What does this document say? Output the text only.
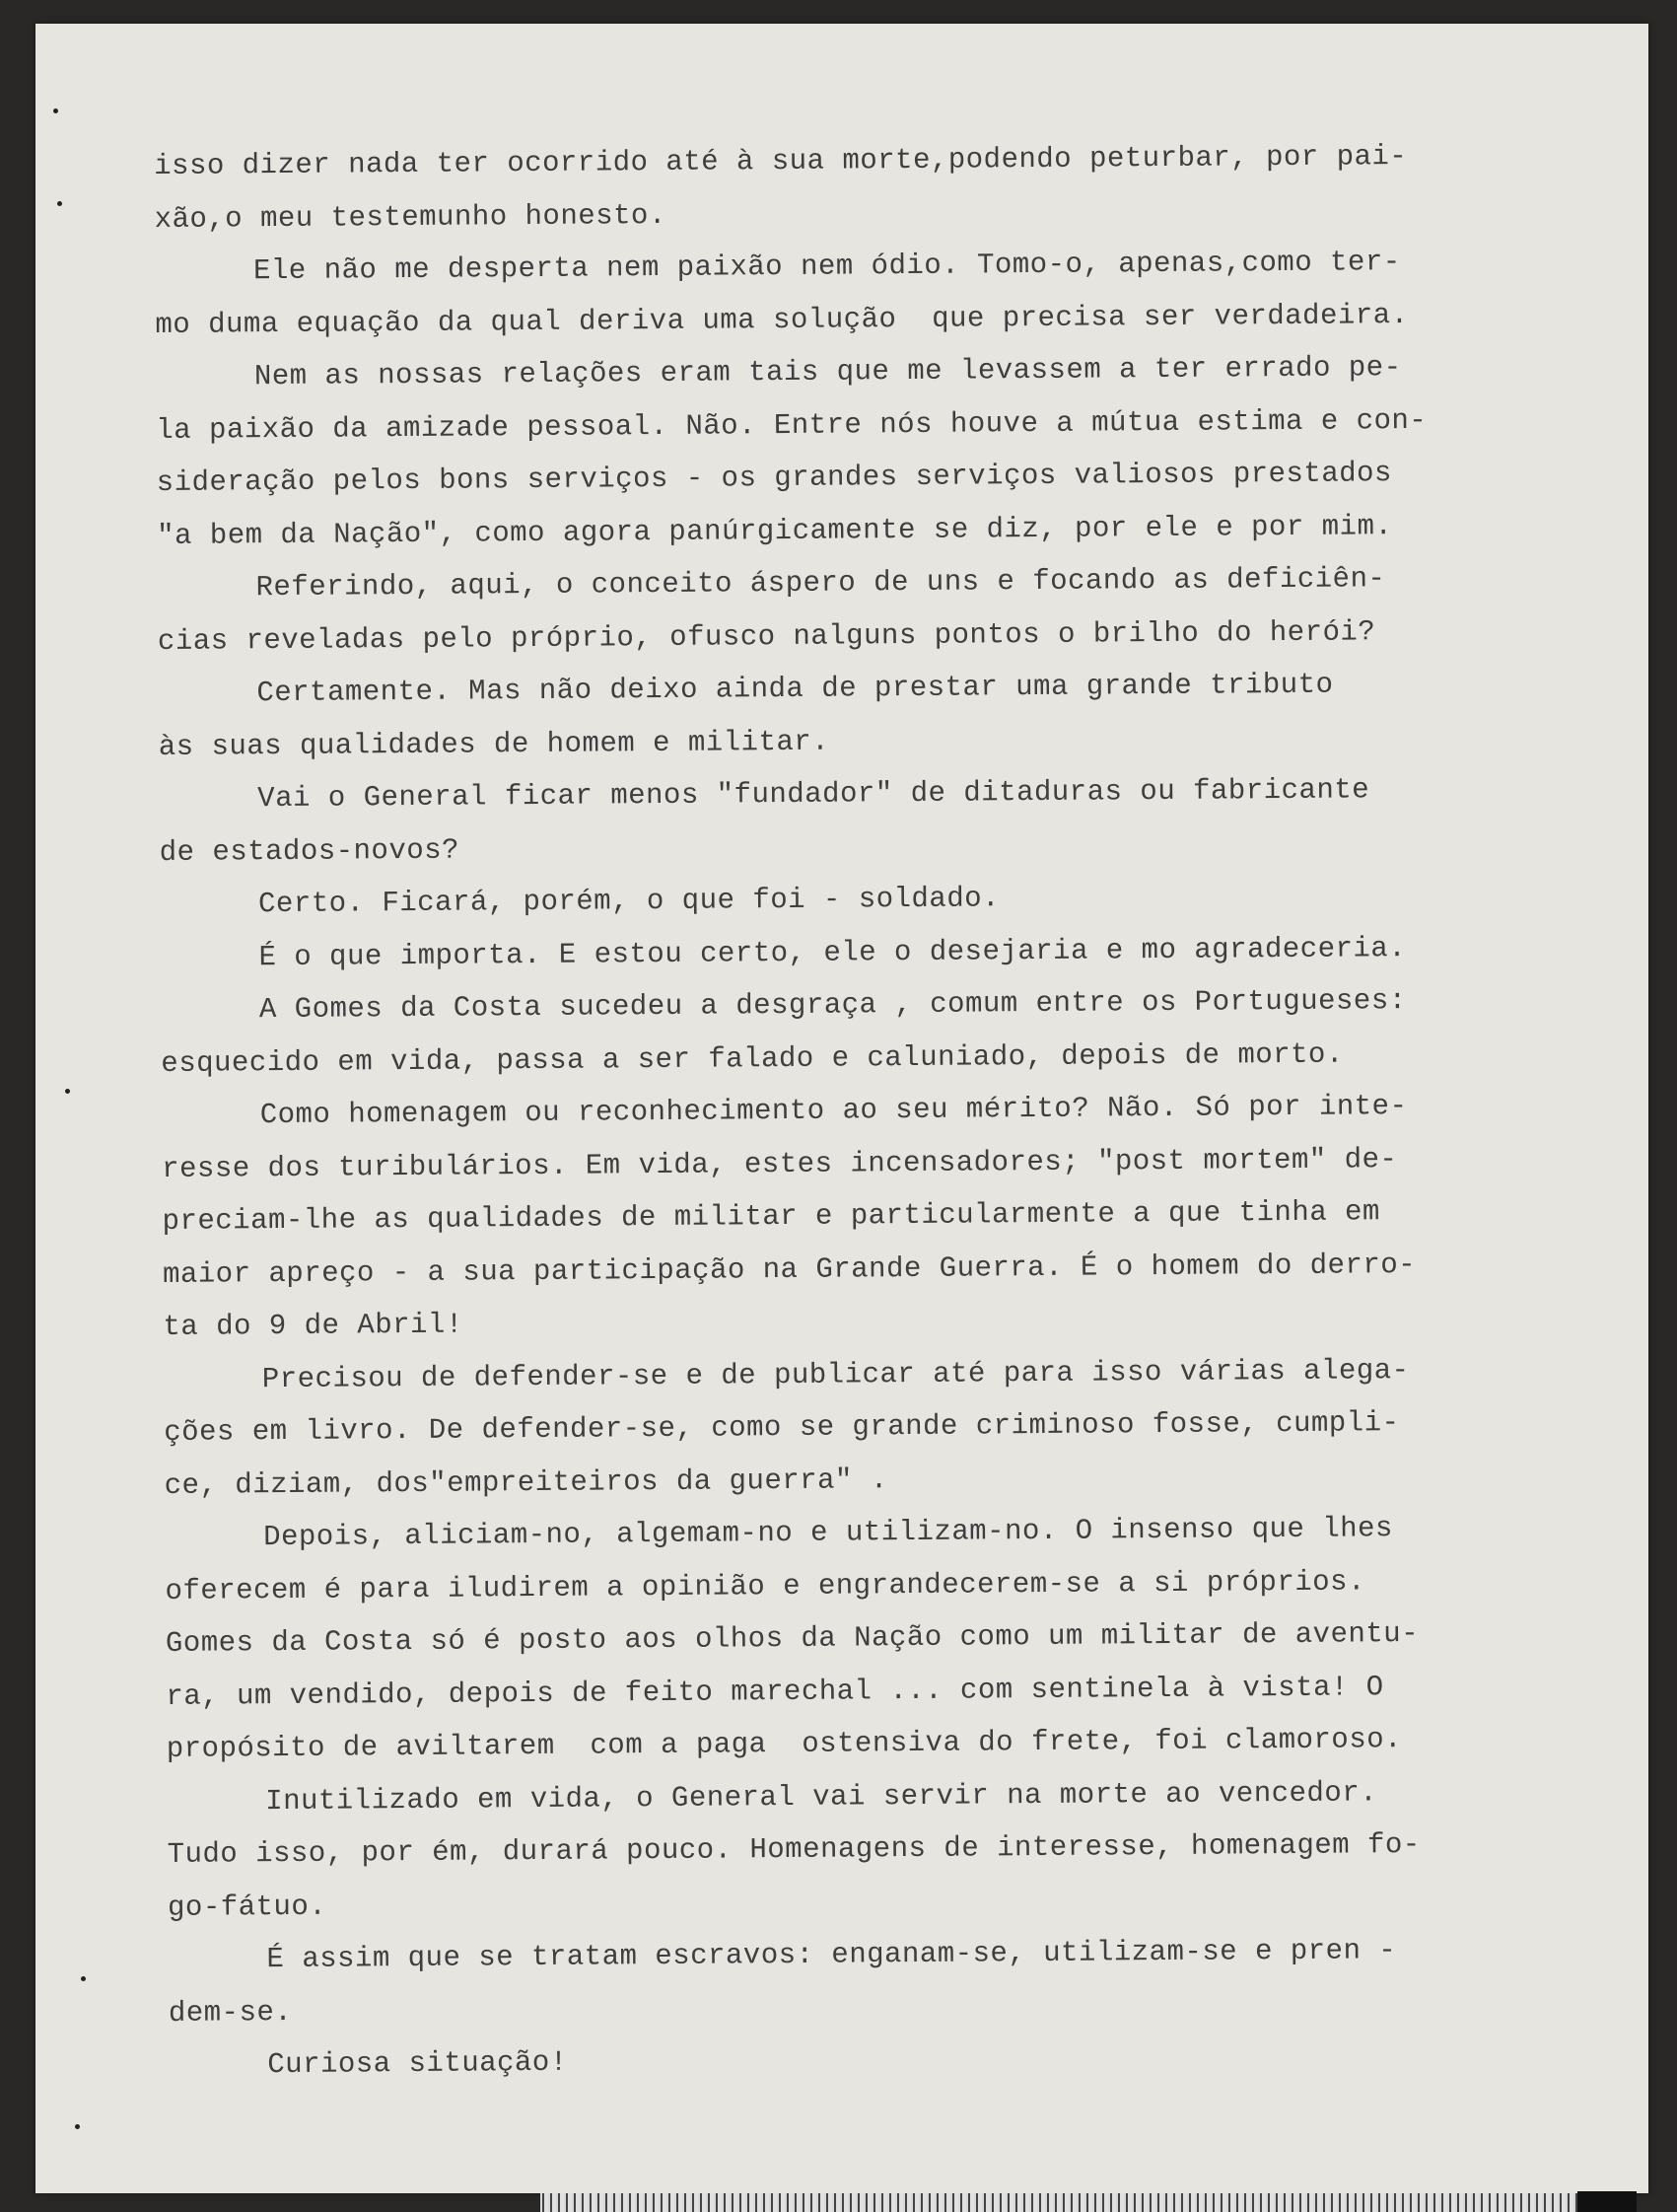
isso dizer nada ter ocorrido até à sua morte,podendo peturbar, por pai-
xão,o meu testemunho honesto.
Ele não me desperta nem paixão nem ódio. Tomo-o, apenas,como ter-
mo duma equação da qual deriva uma solução  que precisa ser verdadeira.
Nem as nossas relações eram tais que me levassem a ter errado pe-
la paixão da amizade pessoal. Não. Entre nós houve a mútua estima e con-
sideração pelos bons serviços - os grandes serviços valiosos prestados
"a bem da Nação", como agora panúrgicamente se diz, por ele e por mim.
Referindo, aqui, o conceito áspero de uns e focando as deficiên-
cias reveladas pelo próprio, ofusco nalguns pontos o brilho do herói?
Certamente. Mas não deixo ainda de prestar uma grande tributo
às suas qualidades de homem e militar.
Vai o General ficar menos "fundador" de ditaduras ou fabricante
de estados-novos?
Certo. Ficará, porém, o que foi - soldado.
É o que importa. E estou certo, ele o desejaria e mo agradeceria.
A Gomes da Costa sucedeu a desgraça , comum entre os Portugueses:
esquecido em vida, passa a ser falado e caluniado, depois de morto.
Como homenagem ou reconhecimento ao seu mérito? Não. Só por inte-
resse dos turibulários. Em vida, estes incensadores; "post mortem" de-
preciam-lhe as qualidades de militar e particularmente a que tinha em
maior apreço - a sua participação na Grande Guerra. É o homem do derro-
ta do 9 de Abril!
Precisou de defender-se e de publicar até para isso várias alega-
ções em livro. De defender-se, como se grande criminoso fosse, cumpli-
ce, diziam, dos"empreiteiros da guerra" .
Depois, aliciam-no, algemam-no e utilizam-no. O insenso que lhes
oferecem é para iludirem a opinião e engrandecerem-se a si próprios.
Gomes da Costa só é posto aos olhos da Nação como um militar de aventu-
ra, um vendido, depois de feito marechal ... com sentinela à vista! O
propósito de aviltarem  com a paga  ostensiva do frete, foi clamoroso.
Inutilizado em vida, o General vai servir na morte ao vencedor.
Tudo isso, por ém, durará pouco. Homenagens de interesse, homenagem fo-
go-fátuo.
É assim que se tratam escravos: enganam-se, utilizam-se e pren -
dem-se.
Curiosa situação!
